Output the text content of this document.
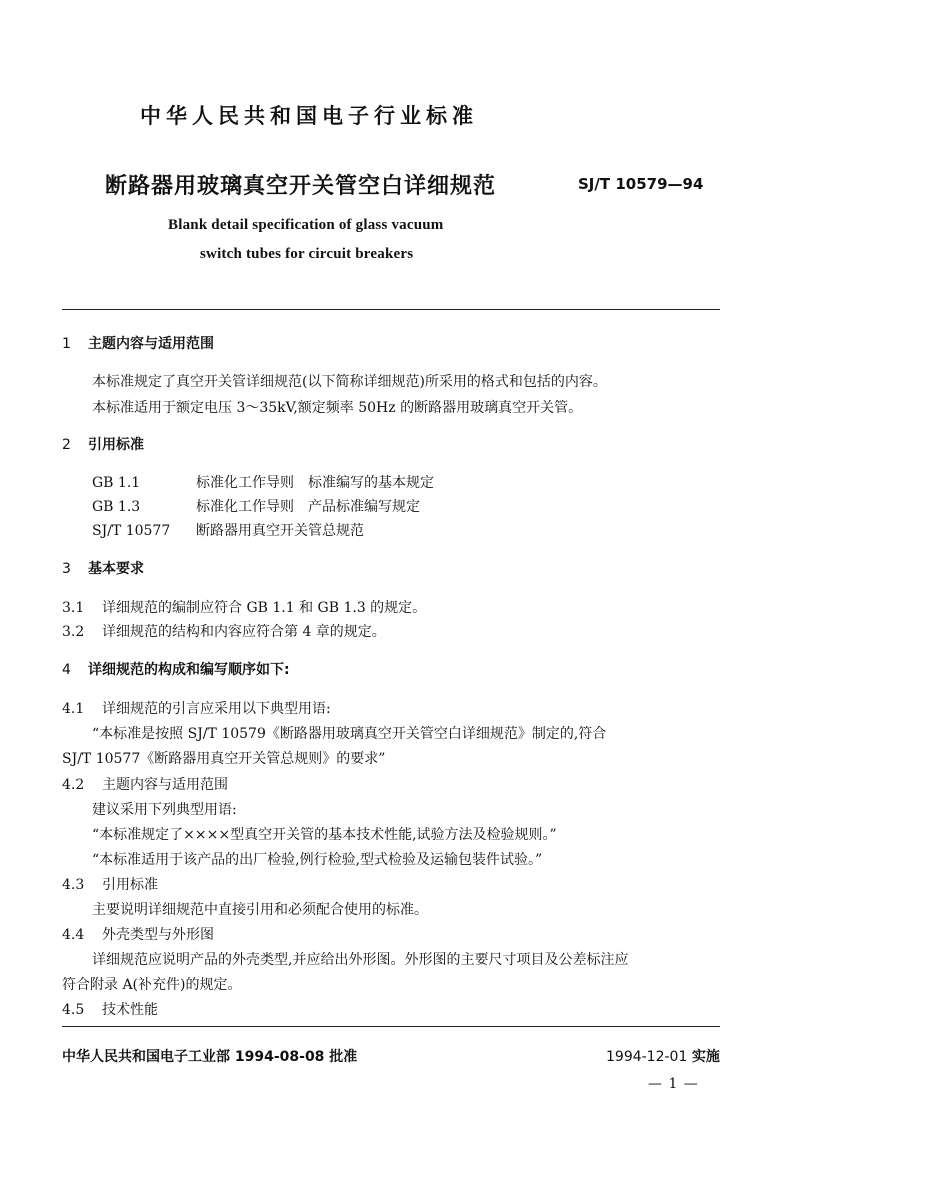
中华人民共和国电子行业标准
断路器用玻璃真空开关管空白详细规范	SJ/T 10579—94
Blank detail specification of glass vacuum
switch tubes for circuit breakers
1 主题内容与适用范围
本标准规定了真空开关管详细规范(以下简称详细规范)所采用的格式和包括的内容。
本标准适用于额定电压 3～35kV,额定频率 50Hz 的断路器用玻璃真空开关管。
2 引用标准
GB 1.1	标准化工作导则　标准编写的基本规定
GB 1.3	标准化工作导则　产品标准编写规定
SJ/T 10577 断路器用真空开关管总规范
3 基本要求
3.1 详细规范的编制应符合 GB 1.1 和 GB 1.3 的规定。
3.2 详细规范的结构和内容应符合第 4 章的规定。
4 详细规范的构成和编写顺序如下:
4.1 详细规范的引言应采用以下典型用语:
“本标准是按照 SJ/T 10579《断路器用玻璃真空开关管空白详细规范》制定的,符合
SJ/T 10577《断路器用真空开关管总规则》的要求”
4.2 主题内容与适用范围
建议采用下列典型用语:
“本标准规定了××××型真空开关管的基本技术性能,试验方法及检验规则。”
“本标准适用于该产品的出厂检验,例行检验,型式检验及运输包装件试验。”
4.3 引用标准
主要说明详细规范中直接引用和必须配合使用的标准。
4.4 外壳类型与外形图
详细规范应说明产品的外壳类型,并应给出外形图。外形图的主要尺寸项目及公差标注应
符合附录 A(补充件)的规定。
4.5 技术性能
中华人民共和国电子工业部 1994-08-08 批准	1994-12-01 实施
— 1 —
